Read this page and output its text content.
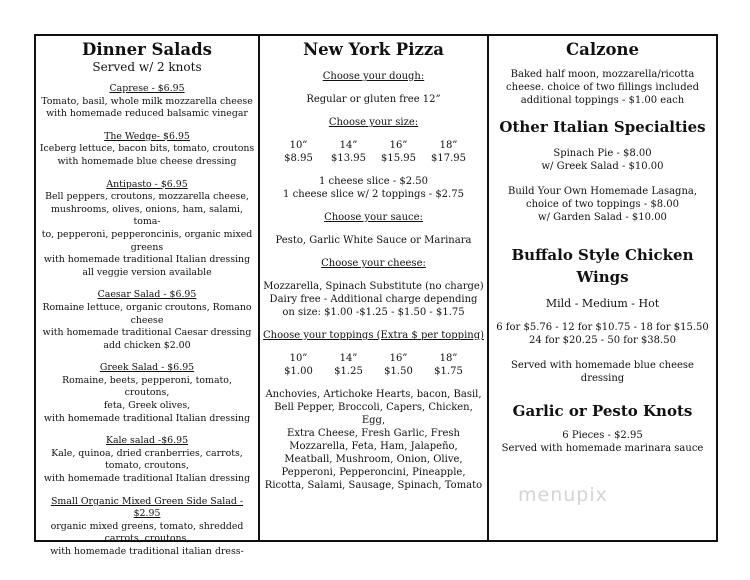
Dinner Salads
Served w/ 2 knots
Caprese - $6.95
Tomato, basil, whole milk mozzarella cheese
with homemade reduced balsamic vinegar
The Wedge- $6.95
Iceberg lettuce, bacon bits, tomato, croutons
with homemade blue cheese dressing
Antipasto - $6.95
Bell peppers, croutons, mozzarella cheese,
mushrooms, olives, onions, ham, salami, toma-
to, pepperoni, pepperoncinis, organic mixed
greens
with homemade traditional Italian dressing
all veggie version available
Caesar Salad - $6.95
Romaine lettuce, organic croutons, Romano
cheese
with homemade traditional Caesar dressing
add chicken $2.00
Greek Salad - $6.95
Romaine, beets, pepperoni, tomato, croutons,
feta, Greek olives,
with homemade traditional Italian dressing
Kale salad -$6.95
Kale, quinoa, dried cranberries, carrots,
tomato, croutons,
with homemade traditional Italian dressing
Small Organic Mixed Green Side Salad - $2.95
organic mixed greens, tomato, shredded
carrots, croutons,
with homemade traditional italian dress-
New York Pizza
Choose your dough:
Regular or gluten free 12”
Choose your size:
10”
$8.95
14”
$13.95
16”
$15.95
18”
$17.95
1 cheese slice - $2.50
1 cheese slice w/ 2 toppings - $2.75
Choose your sauce:
Pesto, Garlic White Sauce or Marinara
Choose your cheese:
Mozzarella, Spinach Substitute (no charge)
Dairy free - Additional charge depending
on size: $1.00 -$1.25 - $1.50 - $1.75
Choose your toppings (Extra $ per topping)
10”
$1.00
14”
$1.25
16”
$1.50
18”
$1.75
Anchovies, Artichoke Hearts, bacon, Basil,
Bell Pepper, Broccoli, Capers, Chicken, Egg,
Extra Cheese, Fresh Garlic, Fresh
Mozzarella, Feta, Ham, Jalapeño,
Meatball, Mushroom, Onion, Olive,
Pepperoni, Pepperoncini, Pineapple,
Ricotta, Salami, Sausage, Spinach, Tomato
Calzone
Baked half moon, mozzarella/ricotta
cheese. choice of two fillings included
additional toppings - $1.00 each
Other Italian Specialties
Spinach Pie - $8.00
w/ Greek Salad - $10.00
Build Your Own Homemade Lasagna,
choice of two toppings - $8.00
w/ Garden Salad - $10.00
Buffalo Style Chicken
Wings
Mild - Medium - Hot
6 for $5.76 - 12 for $10.75 - 18 for $15.50
24 for $20.25 - 50 for $38.50
Served with homemade blue cheese
dressing
Garlic or Pesto Knots
6 Pieces - $2.95
Served with homemade marinara sauce
menupix
